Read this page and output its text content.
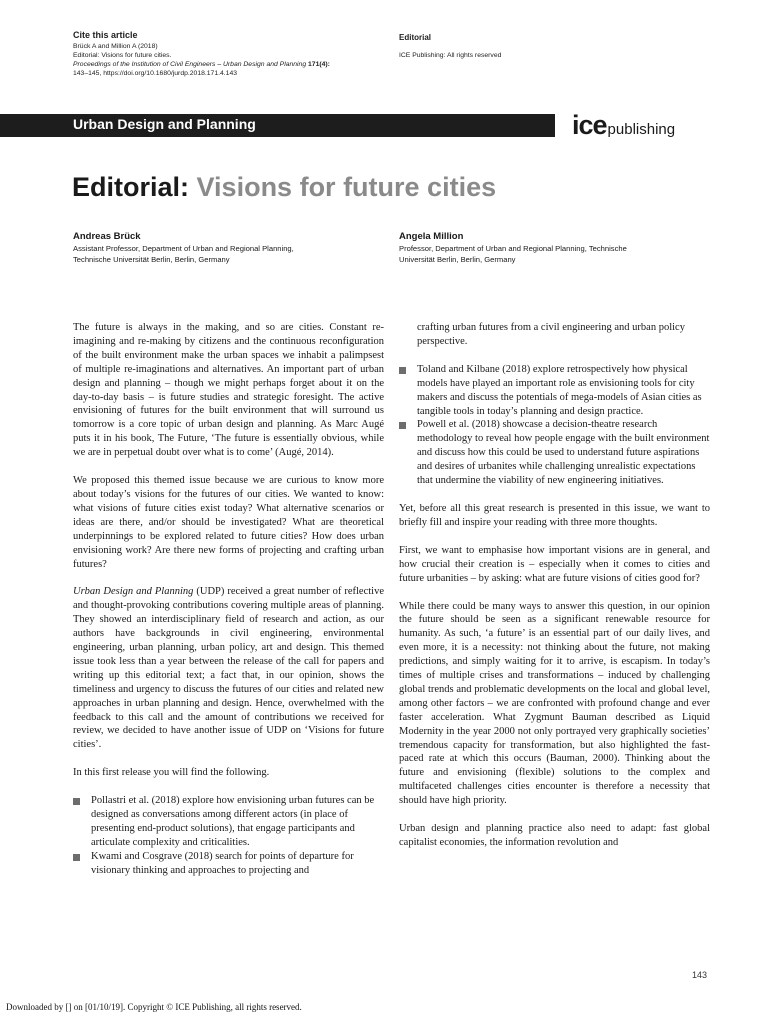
Cite this article
Brück A and Million A (2018)
Editorial: Visions for future cities.
Proceedings of the Institution of Civil Engineers – Urban Design and Planning 171(4):
143–145, https://doi.org/10.1680/jurdp.2018.171.4.143
Editorial
ICE Publishing: All rights reserved
Urban Design and Planning	icepublishing
Editorial: Visions for future cities
Andreas Brück
Assistant Professor, Department of Urban and Regional Planning,
Technische Universität Berlin, Berlin, Germany
Angela Million
Professor, Department of Urban and Regional Planning, Technische
Universität Berlin, Berlin, Germany

The future is always in the making, and so are cities. Constant re-imagining and re-making by citizens and the continuous reconfiguration of the built environment make the urban spaces we inhabit a palimpsest of multiple re-imaginations and alternatives. An important part of urban design and planning – though we might perhaps forget about it on the day-to-day basis – is future studies and strategic foresight. The active envisioning of futures for the built environment that will surround us tomorrow is a core topic of urban design and planning. As Marc Augé puts it in his book, The Future, ‘The future is essentially obvious, while we are in perpetual doubt over what is to come’ (Augé, 2014).

We proposed this themed issue because we are curious to know more about today’s visions for the futures of our cities. We wanted to know: what visions of future cities exist today? What alternative scenarios or ideas are there, and/or should be investigated? What are theoretical underpinnings to be explored related to future cities? How does urban envisioning work? Are there new forms of projecting and crafting urban futures?

Urban Design and Planning (UDP) received a great number of reflective and thought-provoking contributions covering multiple areas of planning. They showed an interdisciplinary field of research and action, as our authors have backgrounds in civil engineering, environmental engineering, urban planning, urban policy, art and design. This themed issue took less than a year between the release of the call for papers and writing up this editorial text; a fact that, in our opinion, shows the timeliness and urgency to discuss the futures of our cities and related new approaches in urban planning and design. Hence, overwhelmed with the feedback to this call and the amount of contributions we received for review, we decided to have another issue of UDP on ‘Visions for future cities’.

In this first release you will find the following.

Pollastri et al. (2018) explore how envisioning urban futures can be designed as conversations among different actors (in place of presenting end-product solutions), that engage participants and articulate complexity and criticalities.
Kwami and Cosgrave (2018) search for points of departure for visionary thinking and approaches to projecting and
crafting urban futures from a civil engineering and urban policy perspective.
Toland and Kilbane (2018) explore retrospectively how physical models have played an important role as envisioning tools for city makers and discuss the potentials of mega-models of Asian cities as tangible tools in today’s planning and design practice.
Powell et al. (2018) showcase a decision-theatre research methodology to reveal how people engage with the built environment and discuss how this could be used to understand future aspirations and desires of urbanites while challenging unrealistic expectations that undermine the viability of new engineering initiatives.

Yet, before all this great research is presented in this issue, we want to briefly fill and inspire your reading with three more thoughts.

First, we want to emphasise how important visions are in general, and how crucial their creation is – especially when it comes to cities and future urbanities – by asking: what are future visions of cities good for?

While there could be many ways to answer this question, in our opinion the future should be seen as a significant renewable resource for humanity. As such, ‘a future’ is an essential part of our daily lives, and even more, it is a necessity: not thinking about the future, not making predictions, and simply waiting for it to arrive, is escapism. In today’s times of multiple crises and transformations – induced by challenging global trends and problematic developments on the local and global level, among other factors – we are confronted with profound change and ever faster acceleration. What Zygmunt Bauman described as Liquid Modernity in the year 2000 not only portrayed very graphically societies’ tremendous capacity for transformation, but also highlighted the fast-paced rate at which this occurs (Bauman, 2000). Thinking about the future and envisioning (flexible) solutions to the complex and multifaceted challenges cities encounter is therefore a necessity that should have high priority.

Urban design and planning practice also need to adapt: fast global capitalist economies, the information revolution and

143
Downloaded by [] on [01/10/19]. Copyright © ICE Publishing, all rights reserved.
